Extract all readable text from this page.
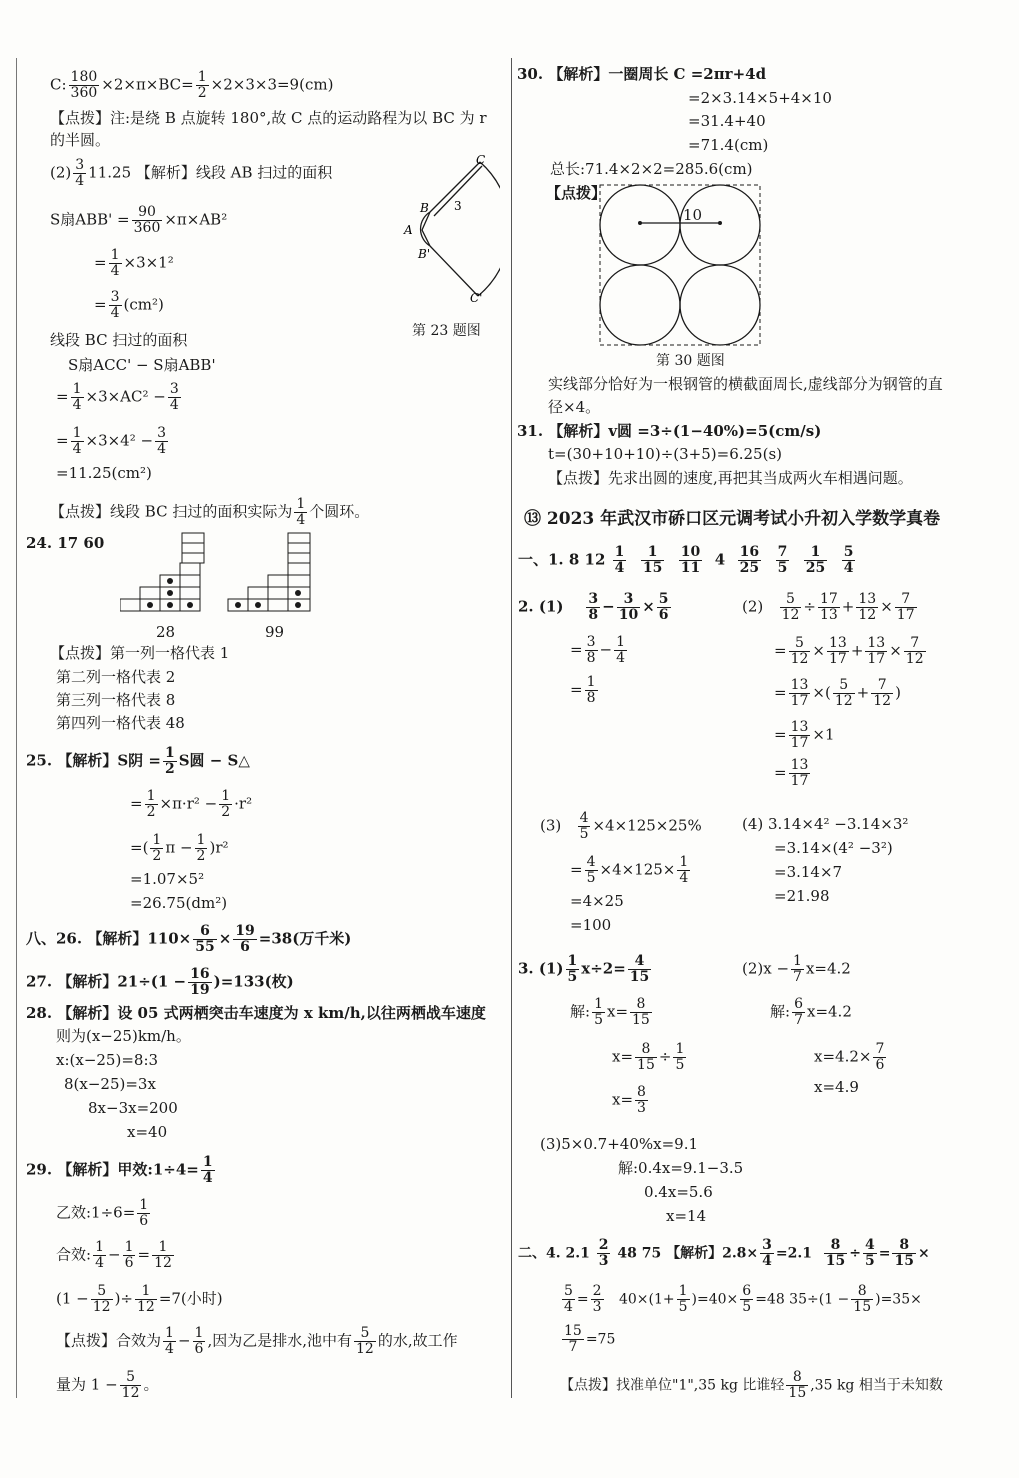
C: $\frac{180}{360} \times 2\times\pi\times BC= \frac{1}{2} \times 2\times 3\times 3=9(cm)$
【点拨】注:是绕 B 点旋转 180°,故 C 点的运动路程为以 BC 为 r
的半圆。
$(2) \frac{3}{4} 11.25$ 【解析】线段 AB 扫过的面积
S扇$ABB' = \frac{90}{360} \times\pi\times AB^2$
= $\frac{1}{4} \times 3\times 1^2$
= $\frac{3}{4} (cm^2)$
C
B
A
B'
C'
3
第 23 题图
线段 BC 扫过的面积
S扇ACC' − S扇ABB'
= $\frac{1}{4} \times 3\times AC^2 - \frac{3}{4}$
= $\frac{1}{4} \times 3\times 4^2 - \frac{3}{4}$
=11.25(cm²)
【点拨】线段 BC 扫过的面积实际为 $\frac{1}{4}$ 个圆环。
24. 17 60
28	99
【点拨】第一列一格代表 1
第二列一格代表 2
第三列一格代表 8
第四列一格代表 48
25. 【解析】S阴 = $\frac{1}{2}$ S圆 − S△
= $\frac{1}{2} \times\pi\cdot r^2 - \frac{1}{2} \cdot r^2$
=( $\frac{1}{2}$ $\pi - \frac{1}{2} )r^2$
=1.07×5²
=26.75(dm²)
八、26. 【解析】$110\times \frac{6}{55} \times \frac{19}{6} =38$(万千米)
27. 【解析】$21\div(1 - \frac{16}{19} )=133$(枚)
28. 【解析】设 05 式两栖突击车速度为 x km/h,以往两栖战车速度
则为(x−25)km/h。
x:(x−25)=8:3
8(x−25)=3x
8x−3x=200
x=40
29. 【解析】甲效:1÷4= $\frac{1}{4}$
乙效:1÷6= $\frac{1}{6}$
合效: $\frac{1}{4} - \frac{1}{6} = \frac{1}{12}$
($1 - \frac{5}{12}$ )÷ $\frac{1}{12} =7$(小时)
【点拨】合效为 $\frac{1}{4} - \frac{1}{6}$ ,因为乙是排水,池中有 $\frac{5}{12}$ 的水,故工作
量为 $1 - \frac{5}{12}$ 。
30. 【解析】一圈周长 C =2πr+4d
=2×3.14×5+4×10
=31.4+40
=71.4(cm)
总长:71.4×2×2=285.6(cm)
【点拨】
10
第 30 题图
实线部分恰好为一根钢管的横截面周长,虚线部分为钢管的直
径×4。
31. 【解析】v圆 =3÷(1−40%)=5(cm/s)
t=(30+10+10)÷(3+5)=6.25(s)
【点拨】先求出圆的速度,再把其当成两火车相遇问题。
⑬ 2023 年武汉市硚口区元调考试小升初入学数学真卷
一、1. 8 $12 \frac{1}{4}$
$\frac{1}{15}$
$\frac{10}{11} 4 \frac{16}{25}$
$\frac{7}{5}$
$\frac{1}{25}$
$\frac{5}{4}$
2. $(1) \frac{3}{8} - \frac{3}{10} \times \frac{5}{6}$
= $\frac{3}{8} - \frac{1}{4}$
= $\frac{1}{8}$
$(2) \frac{5}{12} \div \frac{17}{13} + \frac{13}{12} \times \frac{7}{17}$
= $\frac{5}{12} \times \frac{13}{17} + \frac{13}{17} \times \frac{7}{12}$
= $\frac{13}{17}$ ×( $\frac{5}{12} + \frac{7}{12}$ )
= $\frac{13}{17} \times 1$
= $\frac{13}{17}$
$(3) \frac{4}{5} \times 4\times 125\times 25\%$
= $\frac{4}{5} \times 4\times 125\times \frac{1}{4}$
=4×25
=100
(4) 3.14×4² −3.14×3²
=3.14×(4² −3²)
=3.14×7
=21.98
3. $(1) \frac{1}{5} x\div 2= \frac{4}{15}$
解: $\frac{1}{5} x= \frac{8}{15}$
$x= \frac{8}{15} \div \frac{1}{5}$
$x= \frac{8}{3}$
$(2)x - \frac{1}{7} x=4.2$
解: $\frac{6}{7} x=4.2$
$x=4.2\times \frac{7}{6}$
x=4.9
(3)5×0.7+40%x=9.1
解:0.4x=9.1−3.5
0.4x=5.6
x=14
二、4. $2.1 \frac{2}{3} 48$ 75 【解析】$2.8\times \frac{3}{4} =2.1 \frac{8}{15} \div \frac{4}{5} = \frac{8}{15}$ ×
$\frac{5}{4} = \frac{2}{3} 40\times(1+ \frac{1}{5} )=40\times \frac{6}{5} =48$ $35\div(1 - \frac{8}{15} )=35\times$
$\frac{15}{7} =75$
【点拨】找准单位"1",35 kg 比谁轻 $\frac{8}{15} ,35$ kg 相当于未知数
